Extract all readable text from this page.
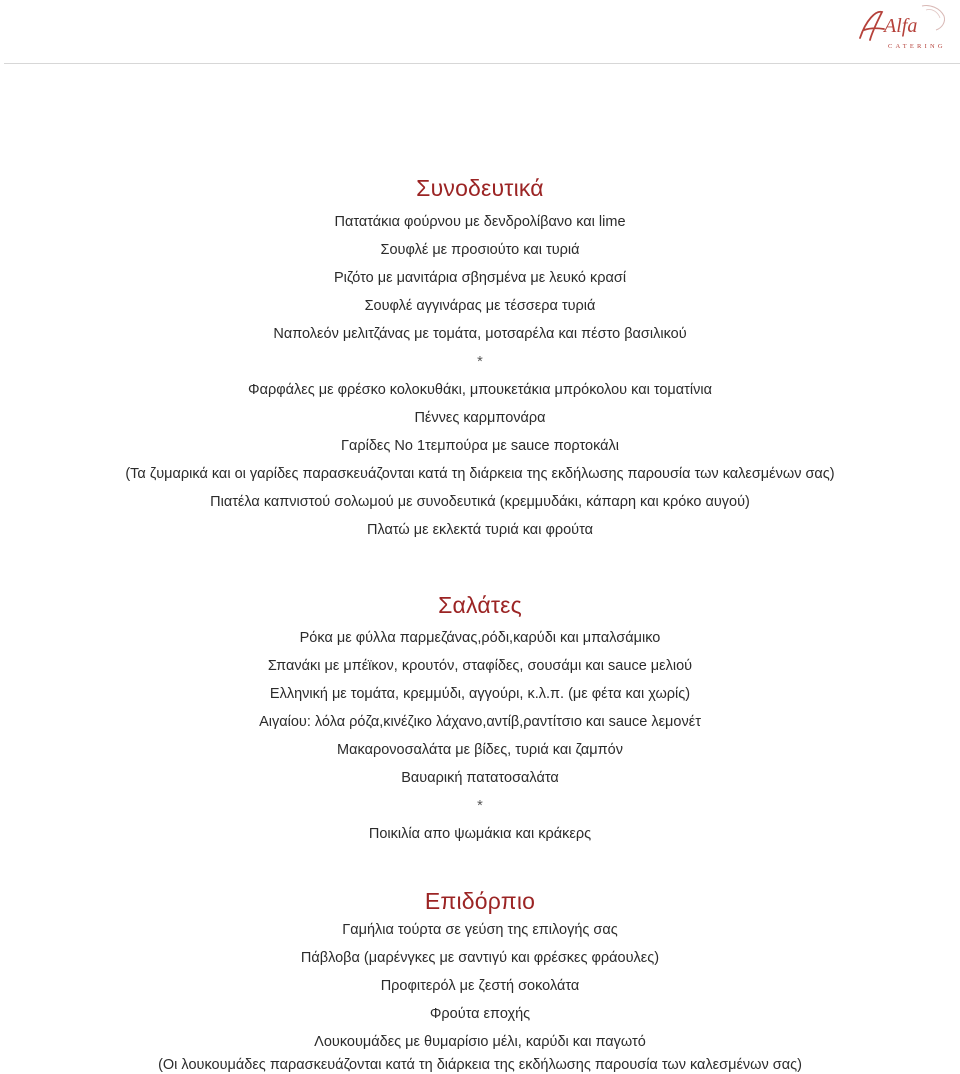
Alfa
CATERING
Συνοδευτικά
Πατατάκια φούρνου με δενδρολίβανο και lime
Σουφλέ με προσιούτο και τυριά
Ριζότο με μανιτάρια σβησμένα με λευκό κρασί
Σουφλέ αγγινάρας με τέσσερα τυριά
Ναπολεόν μελιτζάνας με τομάτα, μοτσαρέλα και πέστο βασιλικού
*
Φαρφάλες με φρέσκο κολοκυθάκι, μπουκετάκια μπρόκολου και τοματίνια
Πέννες καρμπονάρα
Γαρίδες Νο 1τεμπούρα με sauce πορτοκάλι
(Τα ζυμαρικά και οι γαρίδες παρασκευάζονται κατά τη διάρκεια της εκδήλωσης παρουσία των καλεσμένων σας)
Πιατέλα καπνιστού σολωμού με συνοδευτικά (κρεμμυδάκι, κάπαρη και κρόκο αυγού)
Πλατώ με εκλεκτά τυριά και φρούτα
Σαλάτες
Ρόκα με φύλλα παρμεζάνας,ρόδι,καρύδι και μπαλσάμικο
Σπανάκι με μπέϊκον, κρουτόν, σταφίδες, σουσάμι και sauce μελιού
Ελληνική με τομάτα, κρεμμύδι, αγγούρι, κ.λ.π. (με φέτα και χωρίς)
Αιγαίου: λόλα ρόζα,κινέζικο λάχανο,αντίβ,ραντίτσιο και sauce λεμονέτ
Μακαρονοσαλάτα με βίδες, τυριά και ζαμπόν
Βαυαρική πατατοσαλάτα
*
Ποικιλία απο ψωμάκια και κράκερς
Επιδόρπιο
Γαμήλια τούρτα σε γεύση της επιλογής σας
Πάβλοβα (μαρένγκες με σαντιγύ και φρέσκες φράουλες)
Προφιτερόλ με ζεστή σοκολάτα
Φρούτα εποχής
Λουκουμάδες με θυμαρίσιο μέλι, καρύδι και παγωτό
(Οι λουκουμάδες παρασκευάζονται κατά τη διάρκεια της εκδήλωσης παρουσία των καλεσμένων σας)
